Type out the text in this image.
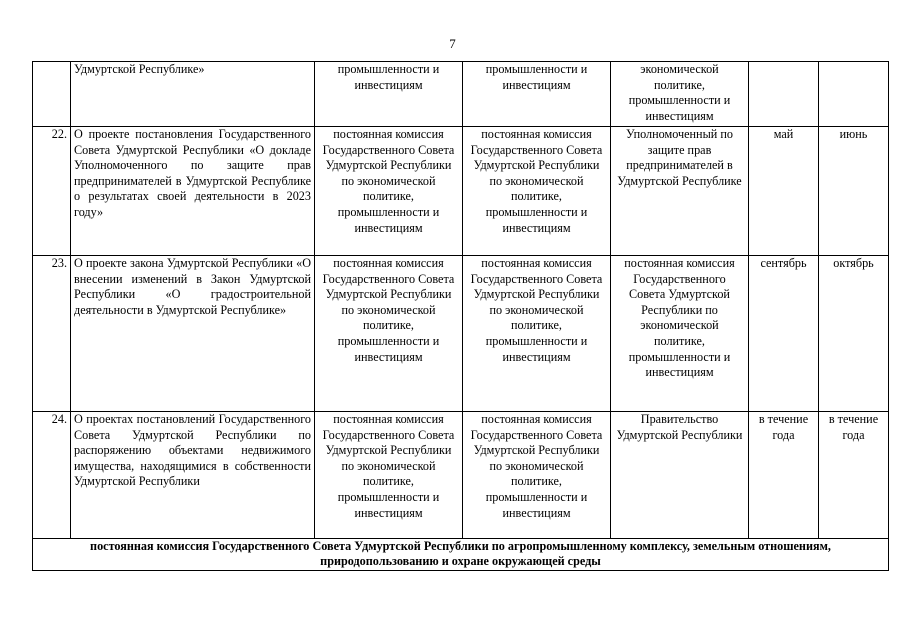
7
	Удмуртской Республике»	промышленности и инвестициям	промышленности и инвестициям	экономической политике, промышленности и инвестициям		
22.	О проекте постановления Государственного Совета Удмуртской Республики «О докладе Уполномоченного по защите прав предпринимателей в Удмуртской Республике о результатах своей деятельности в 2023 году»	постоянная комиссия Государственного Совета Удмуртской Республики по экономической политике, промышленности и инвестициям	постоянная комиссия Государственного Совета Удмуртской Республики по экономической политике, промышленности и инвестициям	Уполномоченный по защите прав предпринимателей в Удмуртской Республике	май	июнь
23.	О проекте закона Удмуртской Республики «О внесении изменений в Закон Удмуртской Республики «О градостроительной деятельности в Удмуртской Республике»	постоянная комиссия Государственного Совета Удмуртской Республики по экономической политике, промышленности и инвестициям	постоянная комиссия Государственного Совета Удмуртской Республики по экономической политике, промышленности и инвестициям	постоянная комиссия Государственного Совета Удмуртской Республики по экономической политике, промышленности и инвестициям	сентябрь	октябрь
24.	О проектах постановлений Государственного Совета Удмуртской Республики по распоряжению объектами недвижимого имущества, находящимися в собственности Удмуртской Республики	постоянная комиссия Государственного Совета Удмуртской Республики по экономической политике, промышленности и инвестициям	постоянная комиссия Государственного Совета Удмуртской Республики по экономической политике, промышленности и инвестициям	Правительство Удмуртской Республики	в течение года	в течение года
постоянная комиссия Государственного Совета Удмуртской Республики по агропромышленному комплексу, земельным отношениям, природопользованию и охране окружающей среды						
